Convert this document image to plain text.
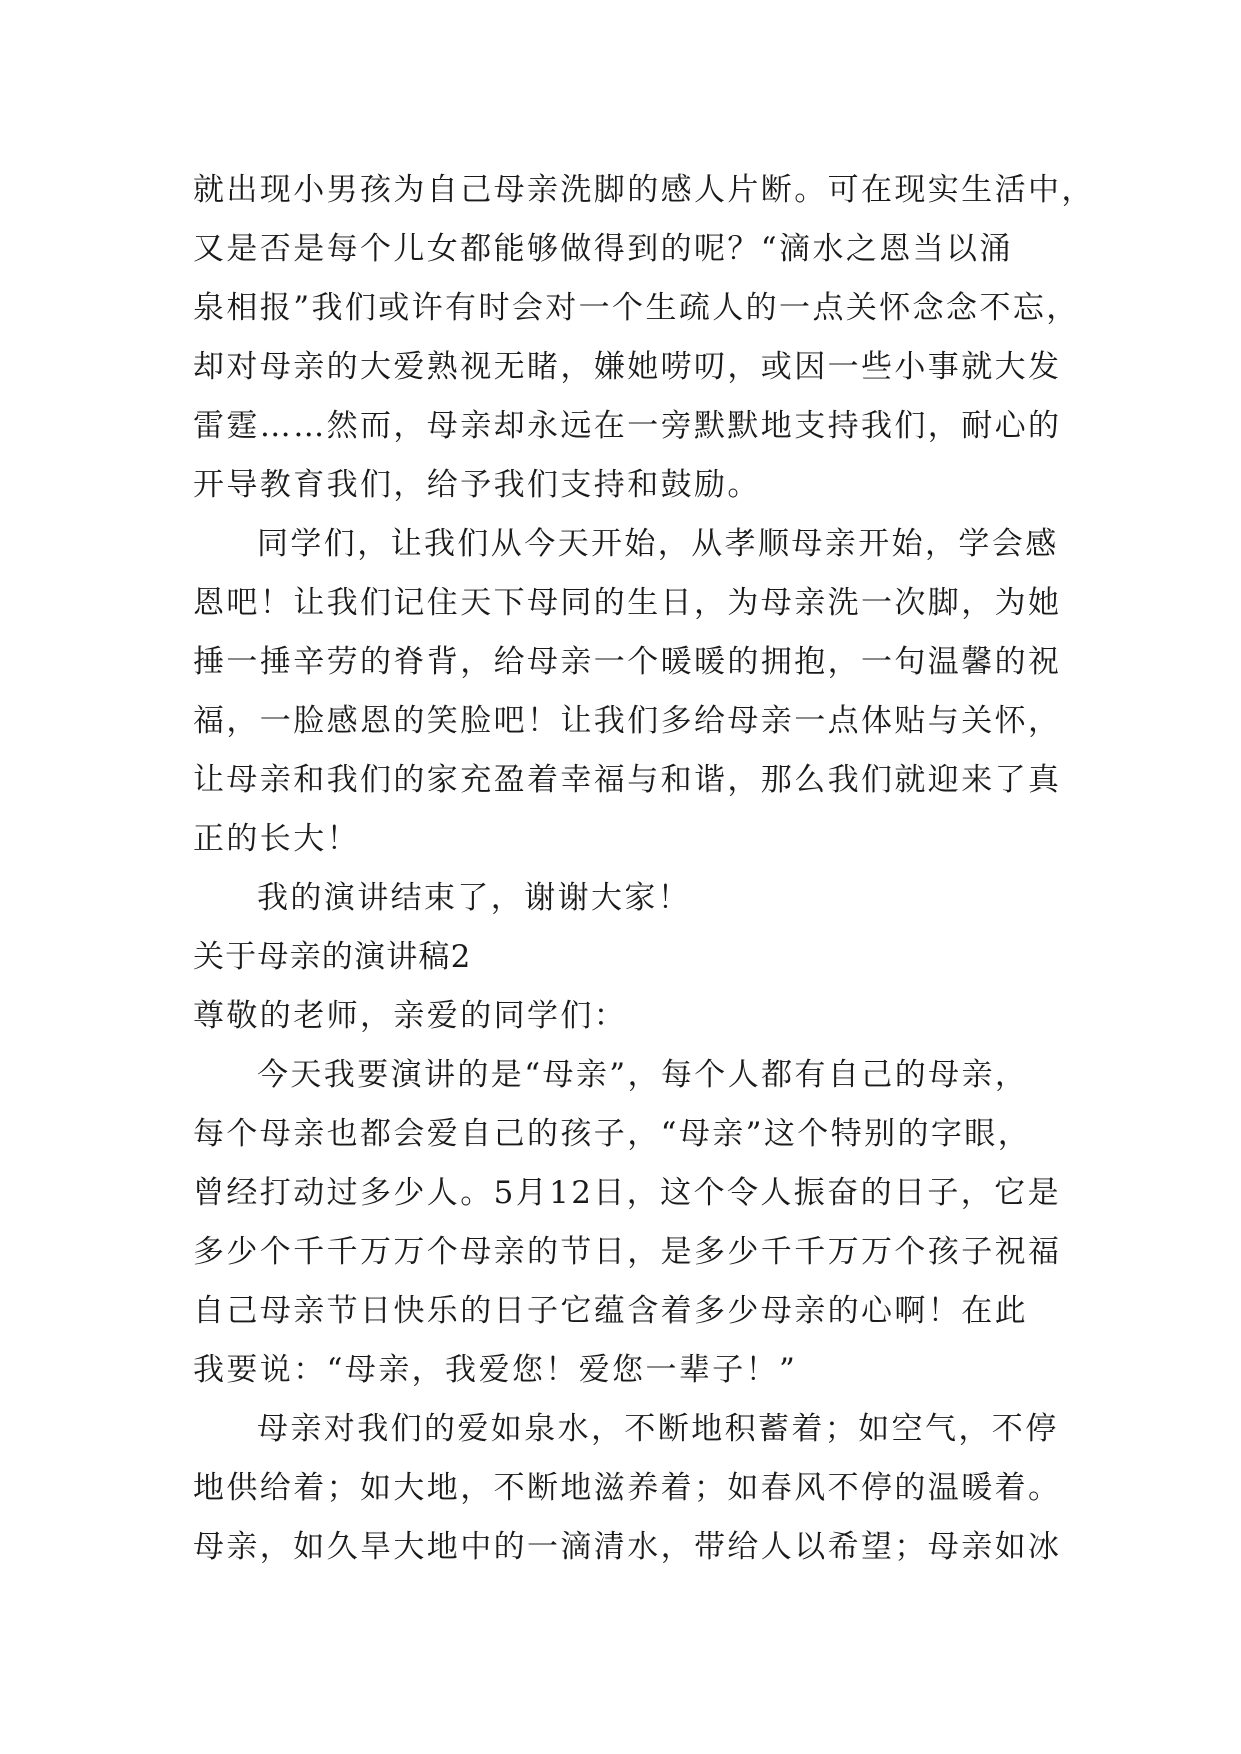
就出现小男孩为自己母亲洗脚的感人片断。可在现实生活中，
又是否是每个儿女都能够做得到的呢？“滴水之恩当以涌
泉相报”我们或许有时会对一个生疏人的一点关怀念念不忘，
却对母亲的大爱熟视无睹，嫌她唠叨，或因一些小事就大发
雷霆……然而，母亲却永远在一旁默默地支持我们，耐心的
开导教育我们，给予我们支持和鼓励。
同学们，让我们从今天开始，从孝顺母亲开始，学会感
恩吧！让我们记住天下母同的生日，为母亲洗一次脚，为她
捶一捶辛劳的脊背，给母亲一个暖暖的拥抱，一句温馨的祝
福，一脸感恩的笑脸吧！让我们多给母亲一点体贴与关怀，
让母亲和我们的家充盈着幸福与和谐，那么我们就迎来了真
正的长大！
我的演讲结束了，谢谢大家！
关于母亲的演讲稿2
尊敬的老师，亲爱的同学们：
今天我要演讲的是“母亲”，每个人都有自己的母亲，
每个母亲也都会爱自己的孩子，“母亲”这个特别的字眼，
曾经打动过多少人。5月12日，这个令人振奋的日子，它是
多少个千千万万个母亲的节日，是多少千千万万个孩子祝福
自己母亲节日快乐的日子它蕴含着多少母亲的心啊！在此
我要说：“母亲，我爱您！爱您一辈子！”
母亲对我们的爱如泉水，不断地积蓄着；如空气，不停
地供给着；如大地，不断地滋养着；如春风不停的温暖着。
母亲，如久旱大地中的一滴清水，带给人以希望；母亲如冰
